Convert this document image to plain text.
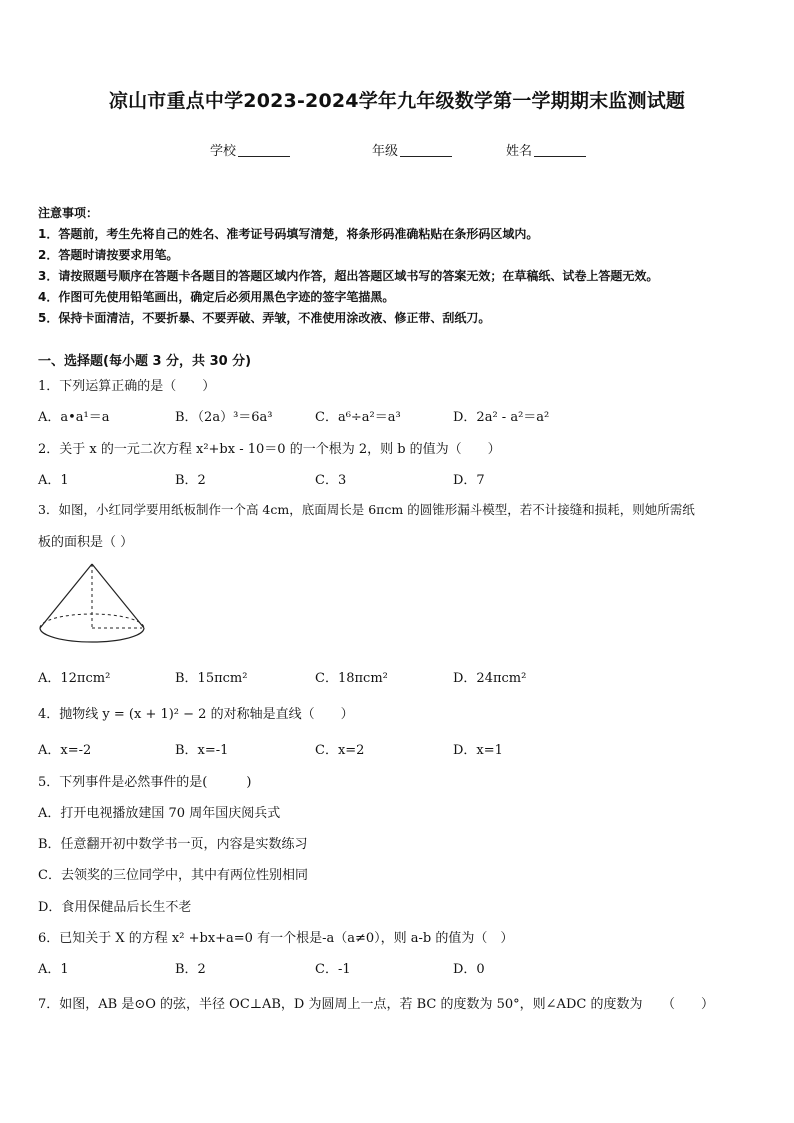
凉山市重点中学2023-2024学年九年级数学第一学期期末监测试题
学校	年级	姓名
注意事项：
1．答题前，考生先将自己的姓名、准考证号码填写清楚，将条形码准确粘贴在条形码区域内。
2．答题时请按要求用笔。
3．请按照题号顺序在答题卡各题目的答题区域内作答，超出答题区域书写的答案无效；在草稿纸、试卷上答题无效。
4．作图可先使用铅笔画出，确定后必须用黑色字迹的签字笔描黑。
5．保持卡面清洁，不要折暴、不要弄破、弄皱，不准使用涂改液、修正带、刮纸刀。
一、选择题(每小题 3 分，共 30 分)
1．下列运算正确的是（　　）
A．a•a¹＝a	B．（2a）³＝6a³	C．a⁶÷a²＝a³	D．2a² - a²＝a²
2．关于 x 的一元二次方程 x²+bx - 10＝0 的一个根为 2，则 b 的值为（　　）
A．1	B．2	C．3	D．7
3．如图，小红同学要用纸板制作一个高 4cm，底面周长是 6πcm 的圆锥形漏斗模型，若不计接缝和损耗，则她所需纸
板的面积是（ ）
A．12πcm²	B．15πcm²	C．18πcm²	D．24πcm²
4．抛物线 y = (x + 1)² − 2 的对称轴是直线（　　）
A．x=-2	B．x=-1	C．x=2	D．x=1
5．下列事件是必然事件的是(　　　)
A．打开电视播放建国 70 周年国庆阅兵式
B．任意翻开初中数学书一页，内容是实数练习
C．去领奖的三位同学中，其中有两位性别相同
D．食用保健品后长生不老
6．已知关于 X 的方程 x² +bx+a=0 有一个根是-a（a≠0），则 a-b 的值为（　）
A．1	B．2	C．-1	D．0
7．如图，AB 是⊙O 的弦，半径 OC⊥AB，D 为圆周上一点，若 BC 的度数为 50°，则∠ADC 的度数为　　（　　）
